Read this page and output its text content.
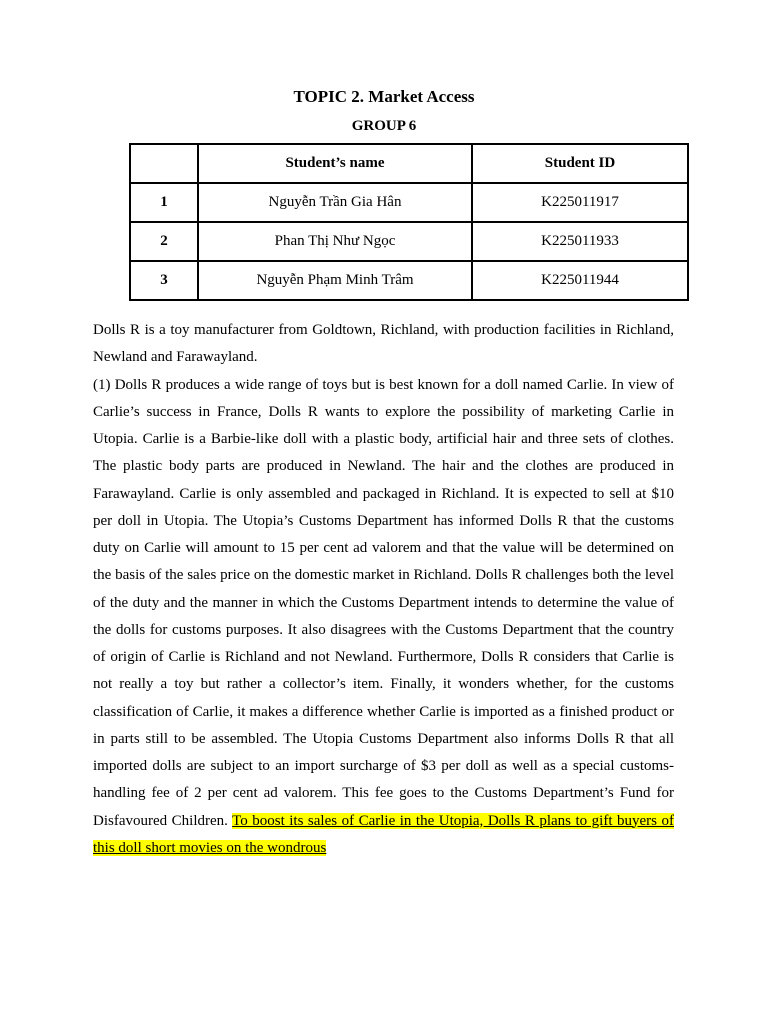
TOPIC 2. Market Access
GROUP 6
	Student’s name	Student ID
1	Nguyễn Trần Gia Hân	K225011917
2	Phan Thị Như Ngọc	K225011933
3	Nguyễn Phạm Minh Trâm	K225011944

Dolls R is a toy manufacturer from Goldtown, Richland, with production facilities in Richland, Newland and Farawayland.

(1) Dolls R produces a wide range of toys but is best known for a doll named Carlie. In view of Carlie’s success in France, Dolls R wants to explore the possibility of marketing Carlie in Utopia. Carlie is a Barbie-like doll with a plastic body, artificial hair and three sets of clothes. The plastic body parts are produced in Newland. The hair and the clothes are produced in Farawayland. Carlie is only assembled and packaged in Richland. It is expected to sell at $10 per doll in Utopia. The Utopia’s Customs Department has informed Dolls R that the customs duty on Carlie will amount to 15 per cent ad valorem and that the value will be determined on the basis of the sales price on the domestic market in Richland. Dolls R challenges both the level of the duty and the manner in which the Customs Department intends to determine the value of the dolls for customs purposes. It also disagrees with the Customs Department that the country of origin of Carlie is Richland and not Newland. Furthermore, Dolls R considers that Carlie is not really a toy but rather a collector’s item. Finally, it wonders whether, for the customs classification of Carlie, it makes a difference whether Carlie is imported as a finished product or in parts still to be assembled. The Utopia Customs Department also informs Dolls R that all imported dolls are subject to an import surcharge of $3 per doll as well as a special customs-handling fee of 2 per cent ad valorem. This fee goes to the Customs Department’s Fund for Disfavoured Children. To boost its sales of Carlie in the Utopia, Dolls R plans to gift buyers of this doll short movies on the wondrous
